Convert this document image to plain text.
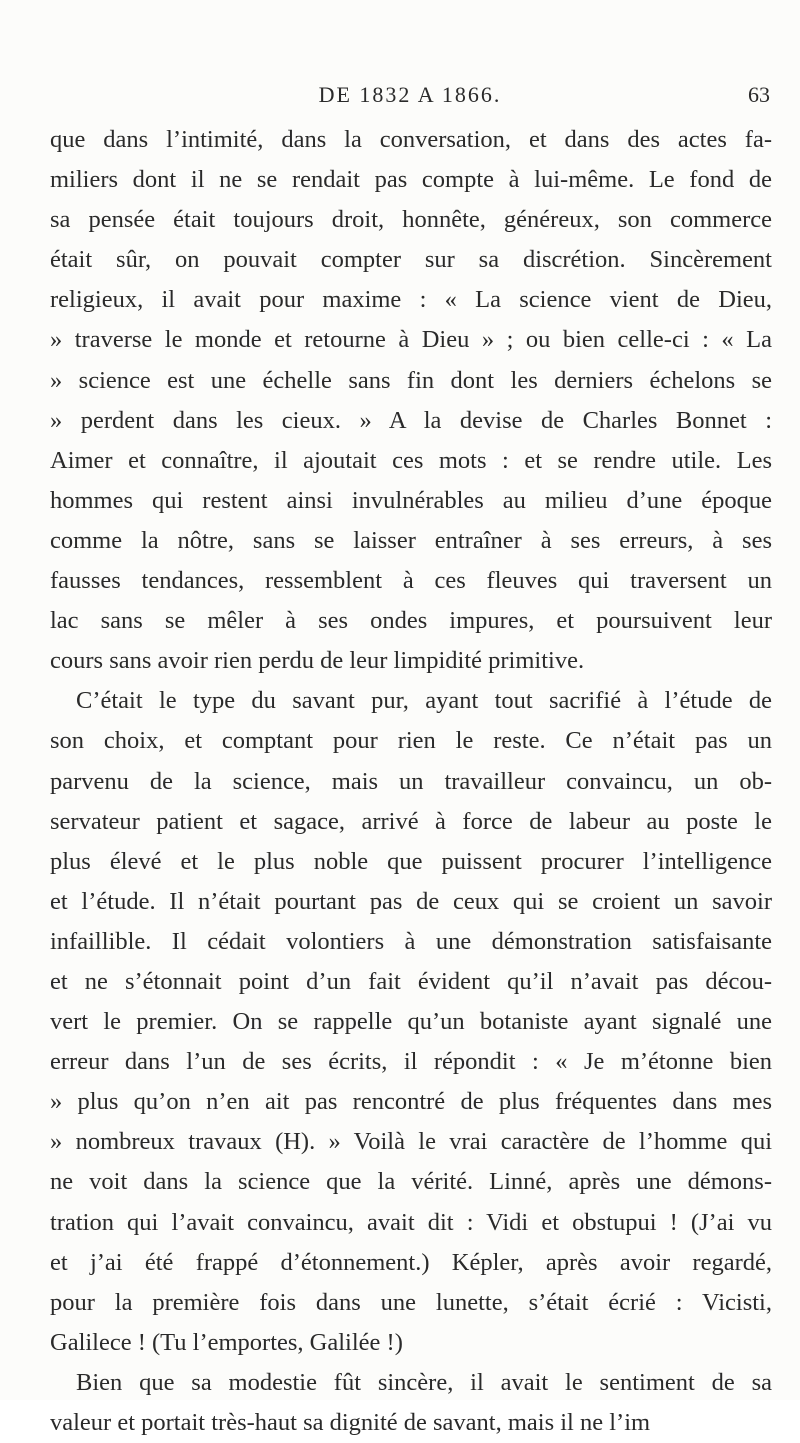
DE 1832 A 1866.	63
que dans l’intimité, dans la conversation, et dans des actes fa-
miliers dont il ne se rendait pas compte à lui-même. Le fond de
sa pensée était toujours droit, honnête, généreux, son commerce
était sûr, on pouvait compter sur sa discrétion. Sincèrement
religieux, il avait pour maxime : « La science vient de Dieu,
» traverse le monde et retourne à Dieu » ; ou bien celle-ci : « La
» science est une échelle sans fin dont les derniers échelons se
» perdent dans les cieux. » A la devise de Charles Bonnet :
Aimer et connaître, il ajoutait ces mots : et se rendre utile. Les
hommes qui restent ainsi invulnérables au milieu d’une époque
comme la nôtre, sans se laisser entraîner à ses erreurs, à ses
fausses tendances, ressemblent à ces fleuves qui traversent un
lac sans se mêler à ses ondes impures, et poursuivent leur
cours sans avoir rien perdu de leur limpidité primitive.
C’était le type du savant pur, ayant tout sacrifié à l’étude de
son choix, et comptant pour rien le reste. Ce n’était pas un
parvenu de la science, mais un travailleur convaincu, un ob-
servateur patient et sagace, arrivé à force de labeur au poste le
plus élevé et le plus noble que puissent procurer l’intelligence
et l’étude. Il n’était pourtant pas de ceux qui se croient un savoir
infaillible. Il cédait volontiers à une démonstration satisfaisante
et ne s’étonnait point d’un fait évident qu’il n’avait pas décou-
vert le premier. On se rappelle qu’un botaniste ayant signalé une
erreur dans l’un de ses écrits, il répondit : « Je m’étonne bien
» plus qu’on n’en ait pas rencontré de plus fréquentes dans mes
» nombreux travaux (H). » Voilà le vrai caractère de l’homme qui
ne voit dans la science que la vérité. Linné, après une démons-
tration qui l’avait convaincu, avait dit : Vidi et obstupui ! (J’ai vu
et j’ai été frappé d’étonnement.) Képler, après avoir regardé,
pour la première fois dans une lunette, s’était écrié : Vicisti,
Galilece ! (Tu l’emportes, Galilée !)
Bien que sa modestie fût sincère, il avait le sentiment de sa
valeur et portait très-haut sa dignité de savant, mais il ne l’im
